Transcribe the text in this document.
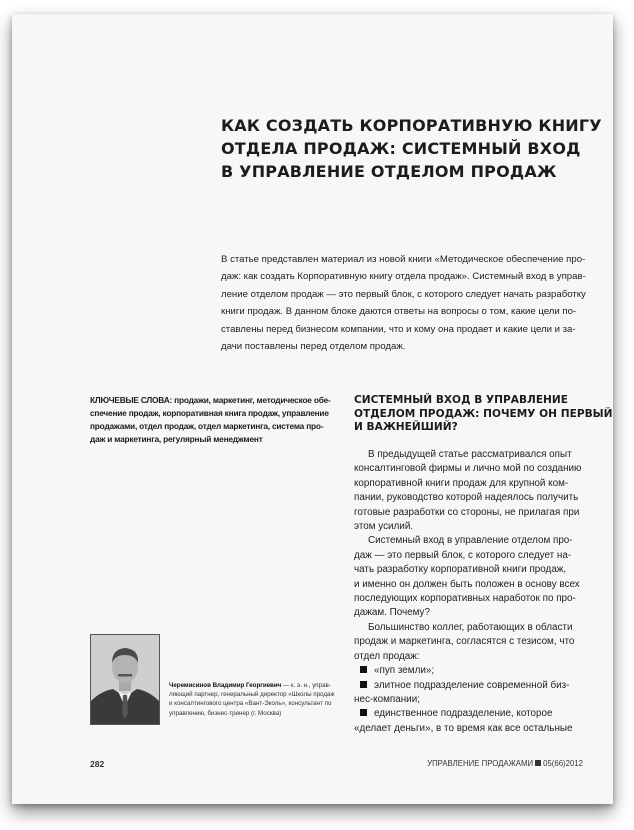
КАК СОЗДАТЬ КОРПОРАТИВНУЮ КНИГУ
ОТДЕЛА ПРОДАЖ: СИСТЕМНЫЙ ВХОД
В УПРАВЛЕНИЕ ОТДЕЛОМ ПРОДАЖ
В статье представлен материал из новой книги «Методическое обеспечение про-
даж: как создать Корпоративную книгу отдела продаж». Системный вход в управ-
ление отделом продаж — это первый блок, с которого следует начать разработку
книги продаж. В данном блоке даются ответы на вопросы о том, какие цели по-
ставлены перед бизнесом компании, что и кому она продает и какие цели и за-
дачи поставлены перед отделом продаж.
КЛЮЧЕВЫЕ СЛОВА: продажи, маркетинг, методическое обе-
спечение продаж, корпоративная книга продаж, управление
продажами, отдел продаж, отдел маркетинга, система про-
даж и маркетинга, регулярный менеджмент
СИСТЕМНЫЙ ВХОД В УПРАВЛЕНИЕ
ОТДЕЛОМ ПРОДАЖ: ПОЧЕМУ ОН ПЕРВЫЙ
И ВАЖНЕЙШИЙ?
В предыдущей статье рассматривался опыт
консалтинговой фирмы и лично мой по созданию
корпоративной книги продаж для крупной ком-
пании, руководство которой надеялось получить
готовые разработки со стороны, не прилагая при
этом усилий.
Системный вход в управление отделом про-
даж — это первый блок, с которого следует на-
чать разработку корпоративной книги продаж,
и именно он должен быть положен в основу всех
последующих корпоративных наработок по про-
дажам. Почему?
Большинство коллег, работающих в области
продаж и маркетинга, согласятся с тезисом, что
отдел продаж:
«пуп земли»;
элитное подразделение современной биз-
нес-компании;
единственное подразделение, которое
«делает деньги», в то время как все остальные
Черемисинов Владимир Георгиевич — к. э. н., управ-
ляющий партнер, генеральный директор «Школы продаж
и консалтингового центра «Вант-Эколь», консультант по
управлению, бизнес-тренер (г. Москва)
282	УПРАВЛЕНИЕ ПРОДАЖАМИ 05(66)2012
